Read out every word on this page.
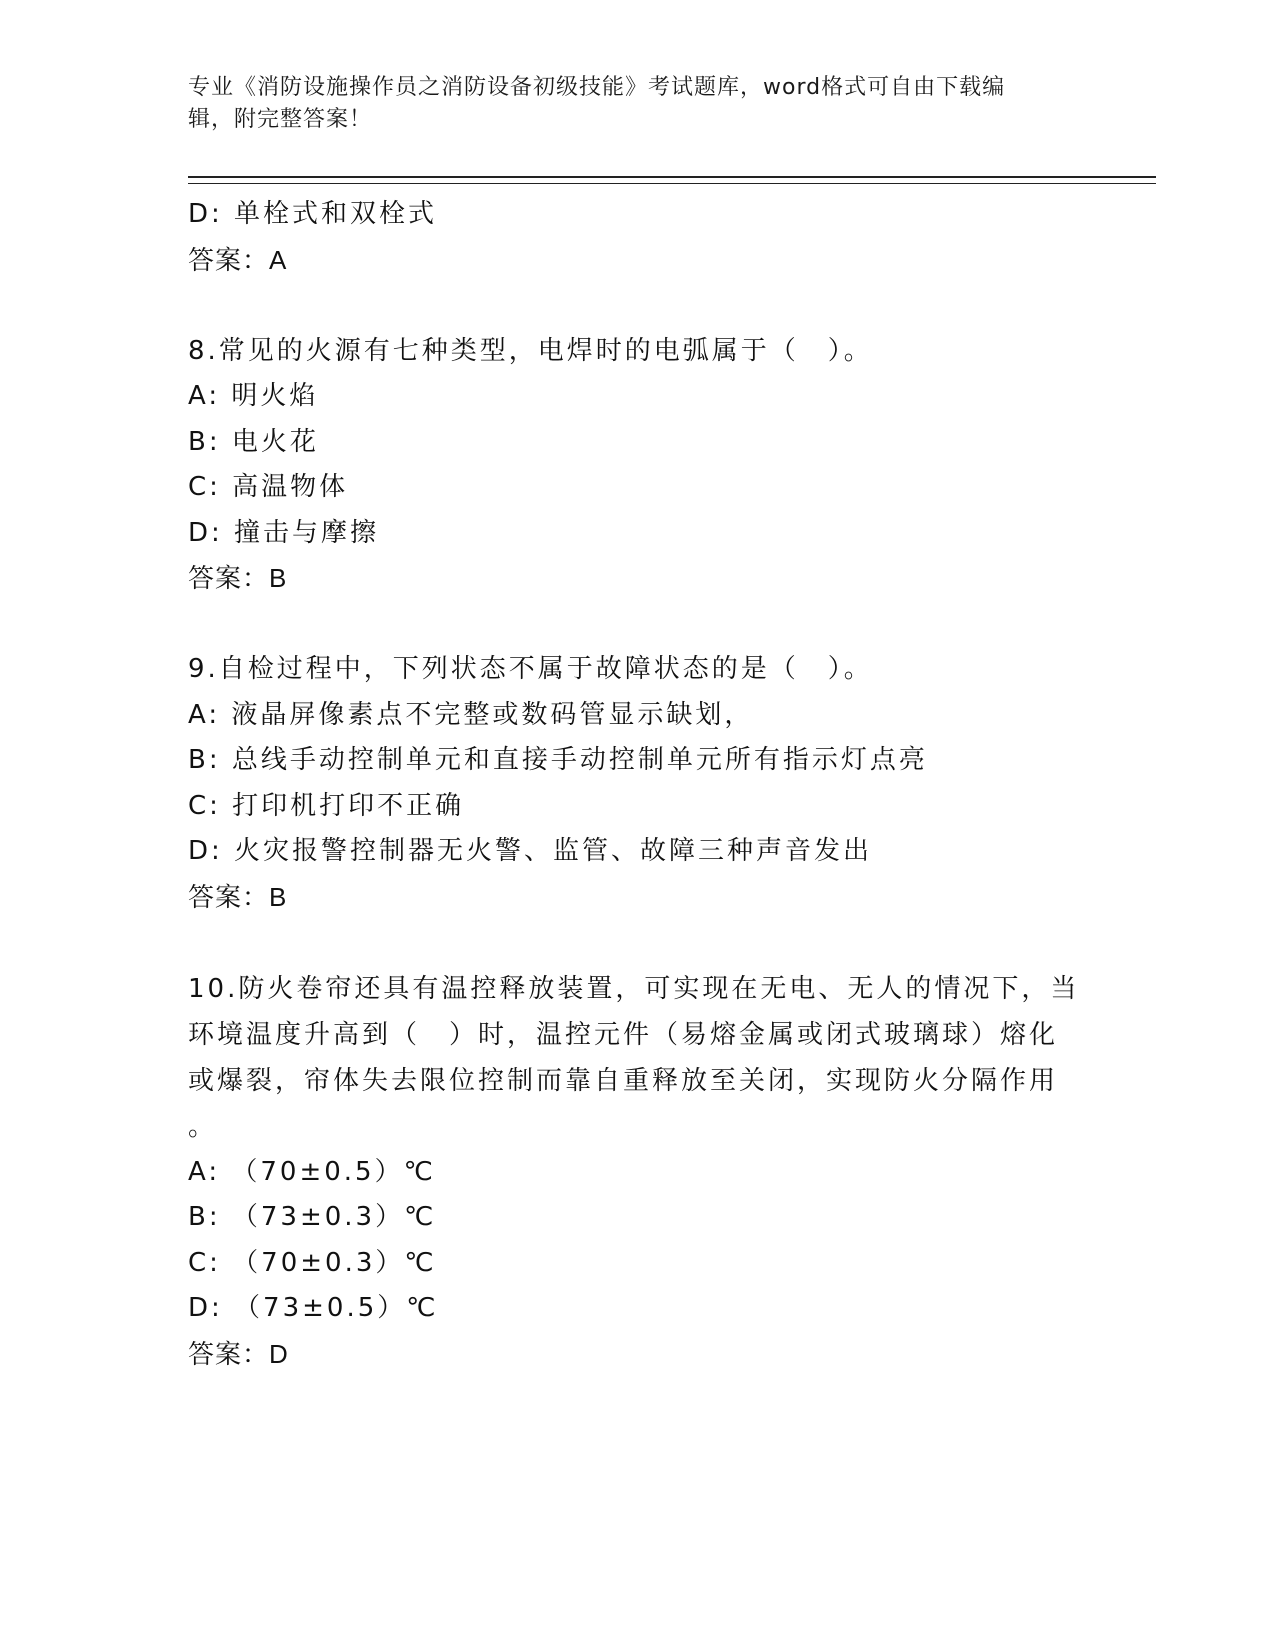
专业《消防设施操作员之消防设备初级技能》考试题库，word格式可自由下载编
辑，附完整答案！
D: 单栓式和双栓式
答案：A
8.常见的火源有七种类型，电焊时的电弧属于（　）。
A: 明火焰
B: 电火花
C: 高温物体
D: 撞击与摩擦
答案：B
9.自检过程中，下列状态不属于故障状态的是（　）。
A: 液晶屏像素点不完整或数码管显示缺划，
B: 总线手动控制单元和直接手动控制单元所有指示灯点亮
C: 打印机打印不正确
D: 火灾报警控制器无火警、监管、故障三种声音发出
答案：B
10.防火卷帘还具有温控释放装置，可实现在无电、无人的情况下，当
环境温度升高到（　）时，温控元件（易熔金属或闭式玻璃球）熔化
或爆裂，帘体失去限位控制而靠自重释放至关闭，实现防火分隔作用
。
A: （70±0.5）℃
B: （73±0.3）℃
C: （70±0.3）℃
D: （73±0.5）℃
答案：D
